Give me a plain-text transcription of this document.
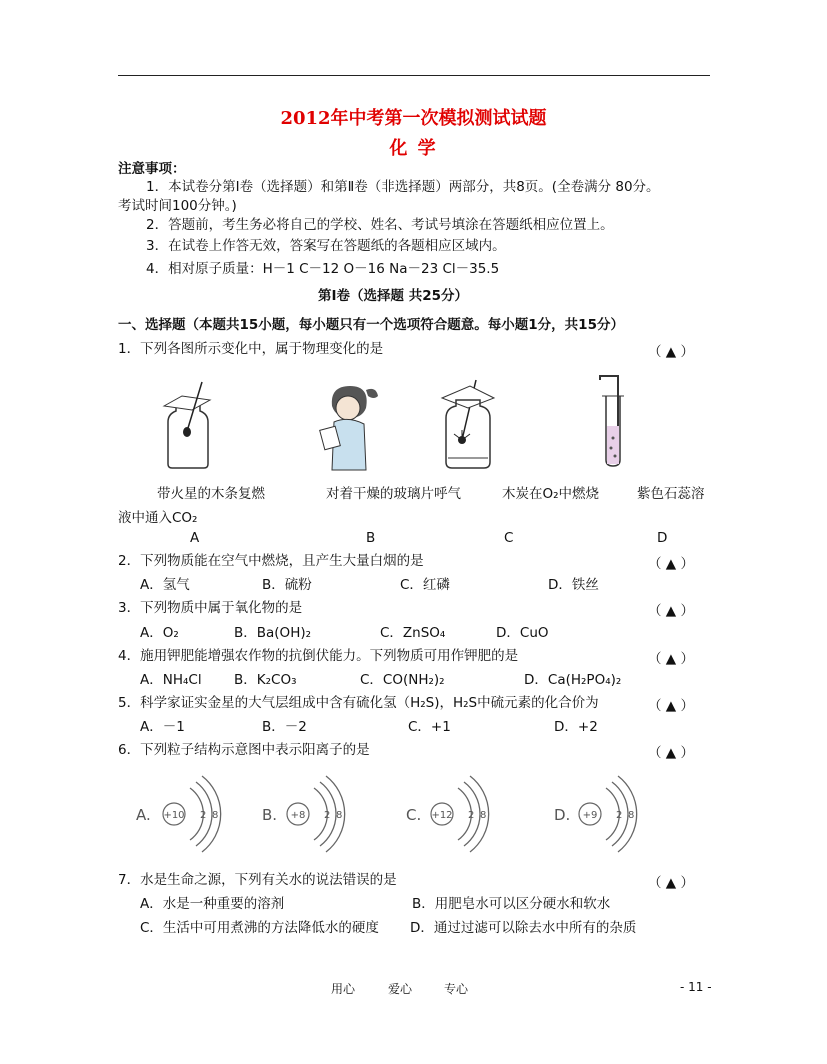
2012年中考第一次模拟测试试题
化 学
注意事项：
1．本试卷分第Ⅰ卷（选择题）和第Ⅱ卷（非选择题）两部分，共8页。(全卷满分 80分。
考试时间100分钟。)
2．答题前，考生务必将自己的学校、姓名、考试号填涂在答题纸相应位置上。
3．在试卷上作答无效，答案写在答题纸的各题相应区域内。
4．相对原子质量：H－1 C－12 O－16 Na－23 Cl－35.5
第Ⅰ卷（选择题 共25分）
一、选择题（本题共15小题，每小题只有一个选项符合题意。每小题1分，共15分）
1．下列各图所示变化中，属于物理变化的是	（ ▲ ）
带火星的木条复燃	对着干燥的玻璃片呼气	木炭在O₂中燃烧	紫色石蕊溶
液中通入CO₂
A	B	C	D
2．下列物质能在空气中燃烧，且产生大量白烟的是	（ ▲ ）
A．氢气	B．硫粉	C．红磷	D．铁丝
3．下列物质中属于氧化物的是	（ ▲ ）
A．O₂	B．Ba(OH)₂	C．ZnSO₄	D．CuO
4．施用钾肥能增强农作物的抗倒伏能力。下列物质可用作钾肥的是	（ ▲ ）
A．NH₄Cl B．K₂CO₃	C．CO(NH₂)₂	D．Ca(H₂PO₄)₂
5．科学家证实金星的大气层组成中含有硫化氢（H₂S)，H₂S中硫元素的化合价为	（ ▲ ）
A．－1	B．－2	C．+1	D．+2
6．下列粒子结构示意图中表示阳离子的是	（ ▲ ）
A. +10 2 8	B. +8 2 8	C. +12 2 8	D. +9 2 8
7．水是生命之源，下列有关水的说法错误的是	（ ▲ ）
A．水是一种重要的溶剂	B．用肥皂水可以区分硬水和软水
C．生活中可用煮沸的方法降低水的硬度 D．通过过滤可以除去水中所有的杂质
用心	爱心	专心	- 11 -
